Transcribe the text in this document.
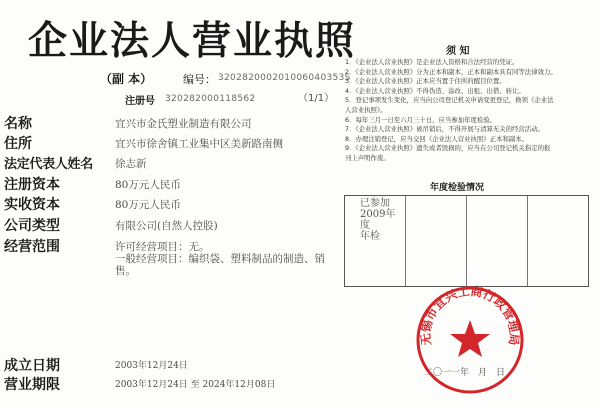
企业法人营业执照
（副 本）	编号： 320282000201006040353S
注册号 320282000118562	（1/1）
名称	宜兴市金氏塑业制造有限公司
住所	宜兴市徐舍镇工业集中区美新路南侧
法定代表人姓名	徐志新
注册资本	80万元人民币
实收资本	80万元人民币
公司类型	有限公司(自然人控股)
经营范围	许可经营项目：无。
一般经营项目：编织袋、塑料制品的制造、销
售。
成立日期	2003年12月24日
营业期限	2003年12月24日 至 2024年12月08日
须 知
1．《企业法人营业执照》是企业法人资格和合法经营的凭证。
2．《企业法人营业执照》分为正本和副本，正本和副本具有同等法律效力。
3．《企业法人营业执照》正本应当置于住所的醒目位置。
4．《企业法人营业执照》不得伪造、涂改、出租、出借、转让。
5．登记事项发生变化，应当向公司登记机关申请变更登记，换领《企业法
人营业执照》。
6．每年三月一日至六月三十日，应当参加年度检验。
7．《企业法人营业执照》被吊销后，不得开展与清算无关的经营活动。
8．办理注销登记，应当交回《企业法人营业执照》正本和副本。
9．《企业法人营业执照》遗失或者毁损的，应当在公司登记机关指定的报
刊上声明作废。
年度检验情况
已参加
2009年度
年检
无锡市宜兴工商行政管理局
二〇一一年　月　日
